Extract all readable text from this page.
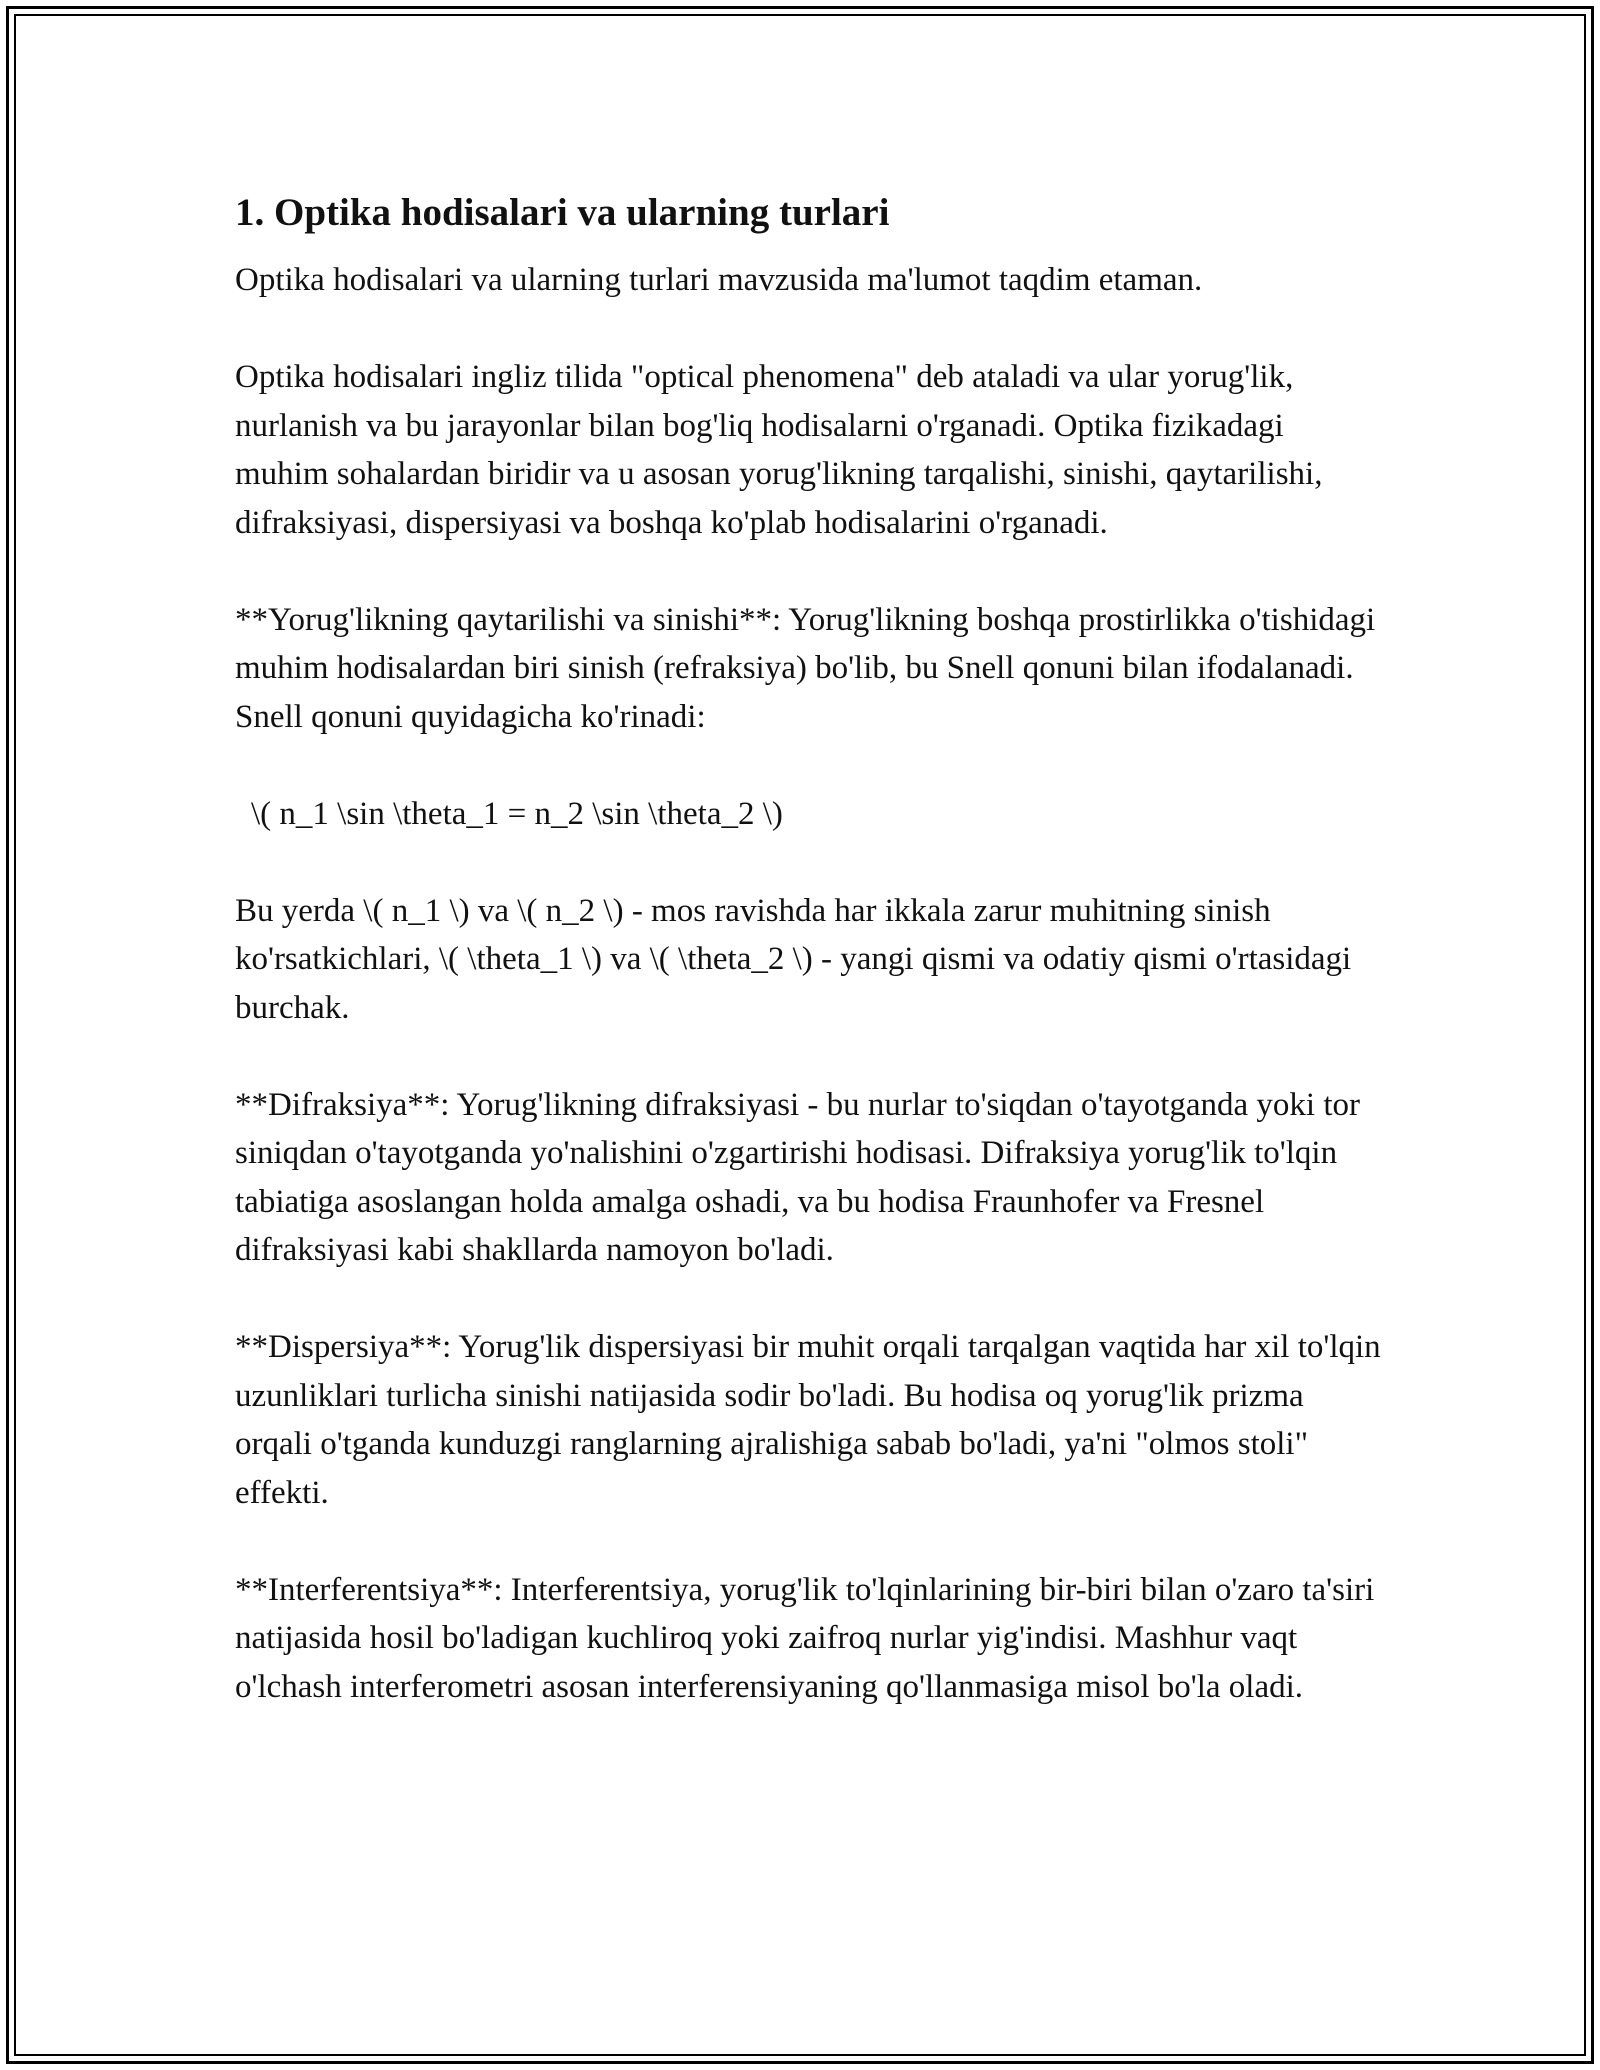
1. Optika hodisalari va ularning turlari

Optika hodisalari va ularning turlari mavzusida ma'lumot taqdim etaman.

Optika hodisalari ingliz tilida "optical phenomena" deb ataladi va ular yorug'lik, nurlanish va bu jarayonlar bilan bog'liq hodisalarni o'rganadi. Optika fizikadagi muhim sohalardan biridir va u asosan yorug'likning tarqalishi, sinishi, qaytarilishi, difraksiyasi, dispersiyasi va boshqa ko'plab hodisalarini o'rganadi.

**Yorug'likning qaytarilishi va sinishi**: Yorug'likning boshqa prostirlikka o'tishidagi muhim hodisalardan biri sinish (refraksiya) bo'lib, bu Snell qonuni bilan ifodalanadi. Snell qonuni quyidagicha ko'rinadi:

\( n_1 \sin \theta_1 = n_2 \sin \theta_2 \)

Bu yerda \( n_1 \) va \( n_2 \) - mos ravishda har ikkala zarur muhitning sinish ko'rsatkichlari, \( \theta_1 \) va \( \theta_2 \) - yangi qismi va odatiy qismi o'rtasidagi burchak.

**Difraksiya**: Yorug'likning difraksiyasi - bu nurlar to'siqdan o'tayotganda yoki tor siniqdan o'tayotganda yo'nalishini o'zgartirishi hodisasi. Difraksiya yorug'lik to'lqin tabiatiga asoslangan holda amalga oshadi, va bu hodisa Fraunhofer va Fresnel difraksiyasi kabi shakllarda namoyon bo'ladi.

**Dispersiya**: Yorug'lik dispersiyasi bir muhit orqali tarqalgan vaqtida har xil to'lqin uzunliklari turlicha sinishi natijasida sodir bo'ladi. Bu hodisa oq yorug'lik prizma orqali o'tganda kunduzgi ranglarning ajralishiga sabab bo'ladi, ya'ni "olmos stoli" effekti.

**Interferentsiya**: Interferentsiya, yorug'lik to'lqinlarining bir-biri bilan o'zaro ta'siri natijasida hosil bo'ladigan kuchliroq yoki zaifroq nurlar yig'indisi. Mashhur vaqt o'lchash interferometri asosan interferensiyaning qo'llanmasiga misol bo'la oladi.
